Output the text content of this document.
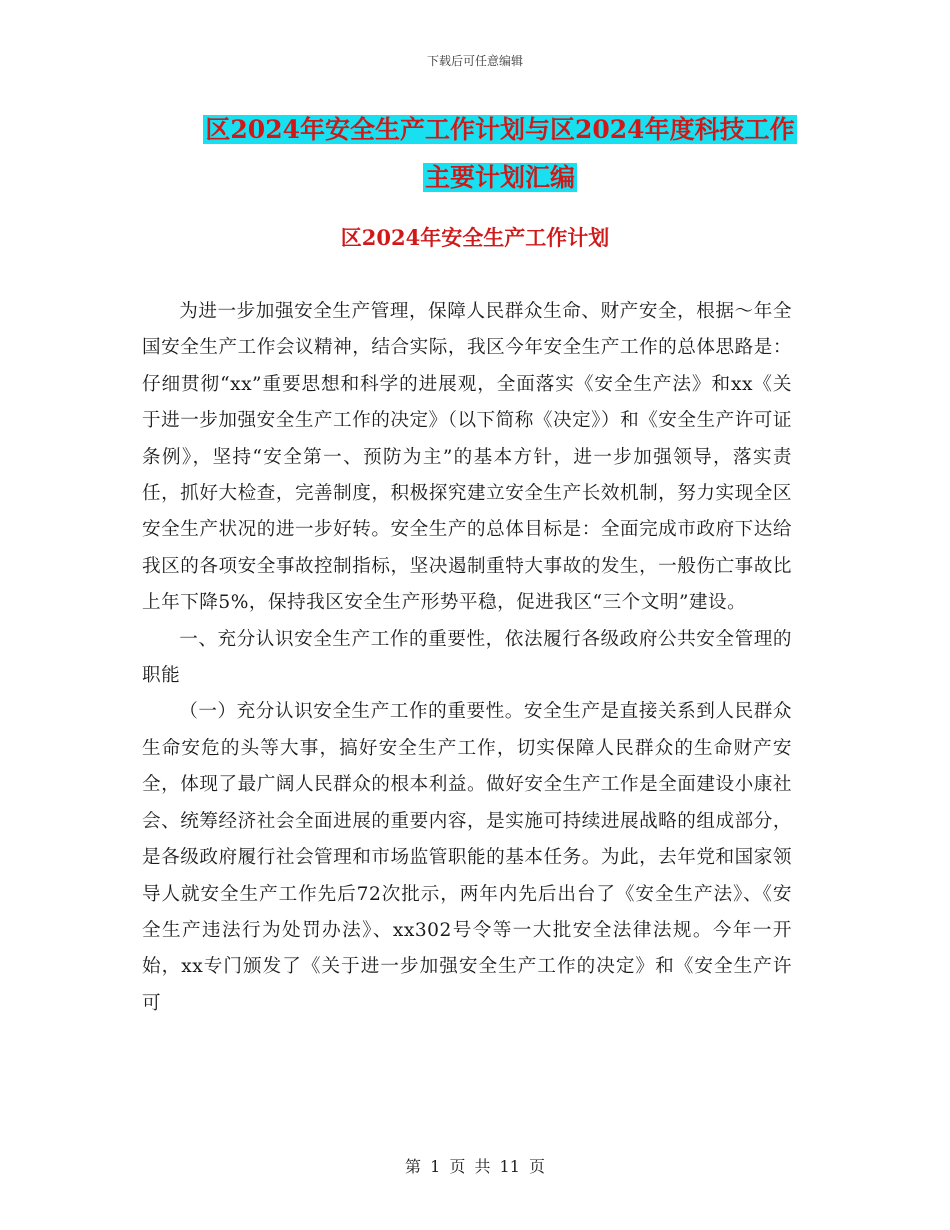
下载后可任意编辑
区2024年安全生产工作计划与区2024年度科技工作
主要计划汇编
区2024年安全生产工作计划

为进一步加强安全生产管理，保障人民群众生命、财产安全，根据～年全国安全生产工作会议精神，结合实际，我区今年安全生产工作的总体思路是：仔细贯彻“xx”重要思想和科学的进展观，全面落实《安全生产法》和xx《关于进一步加强安全生产工作的决定》（以下简称《决定》）和《安全生产许可证条例》，坚持“安全第一、预防为主”的基本方针，进一步加强领导，落实责任，抓好大检查，完善制度，积极探究建立安全生产长效机制，努力实现全区安全生产状况的进一步好转。安全生产的总体目标是：全面完成市政府下达给我区的各项安全事故控制指标，坚决遏制重特大事故的发生，一般伤亡事故比上年下降5%，保持我区安全生产形势平稳，促进我区“三个文明”建设。

一、充分认识安全生产工作的重要性，依法履行各级政府公共安全管理的职能

（一）充分认识安全生产工作的重要性。安全生产是直接关系到人民群众生命安危的头等大事，搞好安全生产工作，切实保障人民群众的生命财产安全，体现了最广阔人民群众的根本利益。做好安全生产工作是全面建设小康社会、统筹经济社会全面进展的重要内容，是实施可持续进展战略的组成部分，是各级政府履行社会管理和市场监管职能的基本任务。为此，去年党和国家领导人就安全生产工作先后72次批示，两年内先后出台了《安全生产法》、《安全生产违法行为处罚办法》、xx302号令等一大批安全法律法规。今年一开始，xx专门颁发了《关于进一步加强安全生产工作的决定》和《安全生产许可

第 1 页 共 11 页
